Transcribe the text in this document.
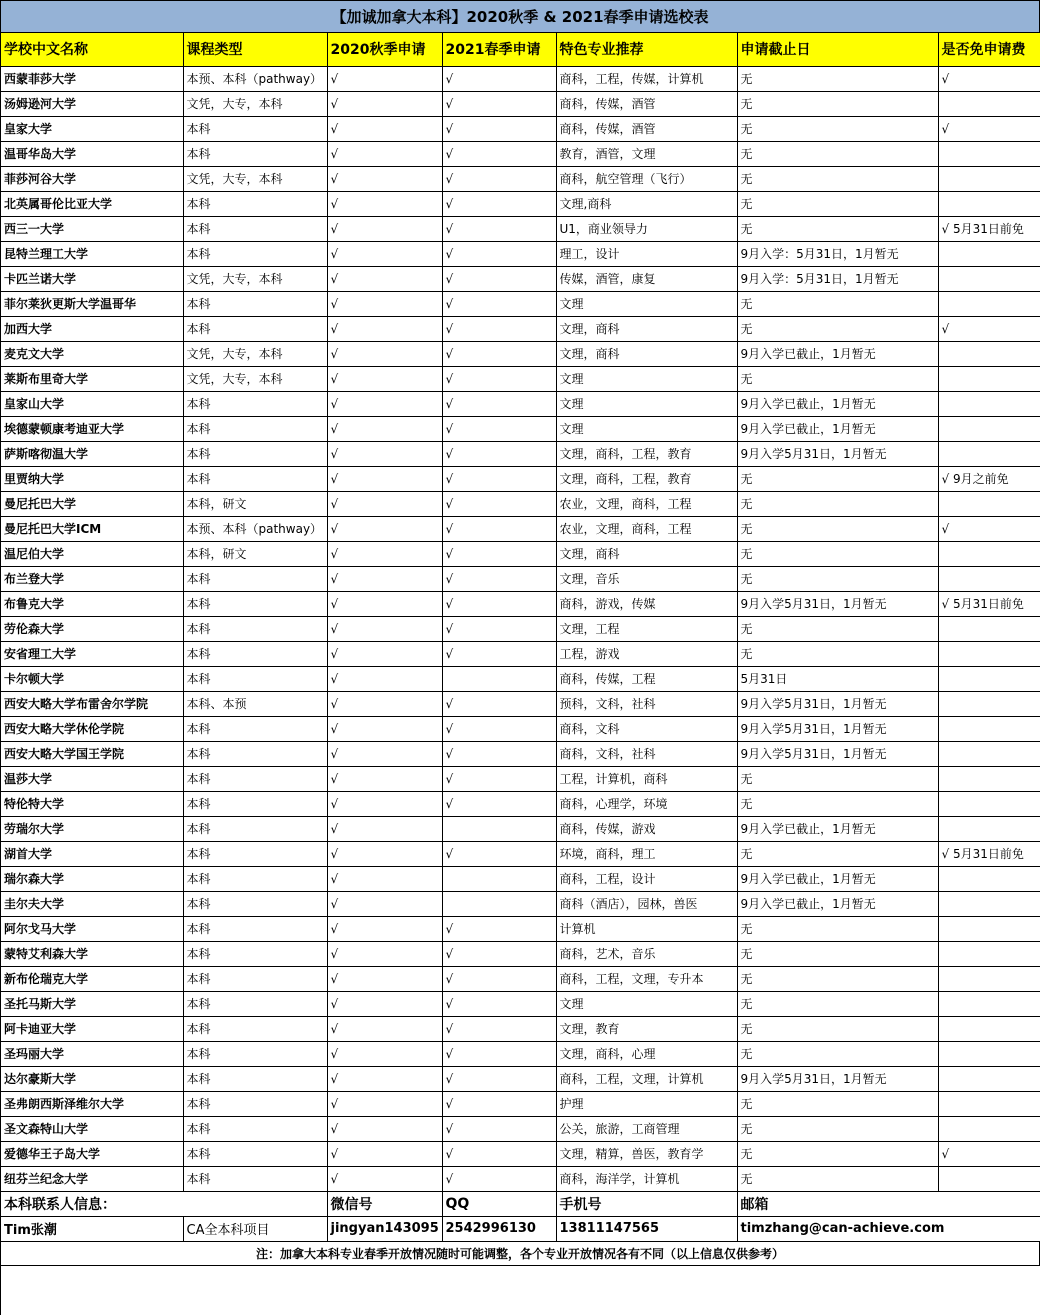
【加诚加拿大本科】2020秋季 & 2021春季申请选校表
学校中文名称	课程类型	2020秋季申请	2021春季申请	特色专业推荐	申请截止日	是否免申请费
西蒙菲莎大学	本预、本科（pathway）	√	√	商科，工程，传媒，计算机	无	√
汤姆逊河大学	文凭，大专，本科	√	√	商科，传媒，酒管	无	
皇家大学	本科	√	√	商科，传媒，酒管	无	√
温哥华岛大学	本科	√	√	教育，酒管，文理	无	
菲莎河谷大学	文凭，大专，本科	√	√	商科，航空管理（飞行）	无	
北英属哥伦比亚大学	本科	√	√	文理,商科	无	
西三一大学	本科	√	√	U1，商业领导力	无	√ 5月31日前免
昆特兰理工大学	本科	√	√	理工，设计	9月入学：5月31日，1月暂无	
卡匹兰诺大学	文凭，大专，本科	√	√	传媒，酒管，康复	9月入学：5月31日，1月暂无	
菲尔莱狄更斯大学温哥华	本科	√	√	文理	无	
加西大学	本科	√	√	文理，商科	无	√
麦克文大学	文凭，大专，本科	√	√	文理，商科	9月入学已截止，1月暂无	
莱斯布里奇大学	文凭，大专，本科	√	√	文理	无	
皇家山大学	本科	√	√	文理	9月入学已截止，1月暂无	
埃德蒙顿康考迪亚大学	本科	√	√	文理	9月入学已截止，1月暂无	
萨斯喀彻温大学	本科	√	√	文理，商科，工程，教育	9月入学5月31日，1月暂无	
里贾纳大学	本科	√	√	文理，商科，工程，教育	无	√ 9月之前免
曼尼托巴大学	本科，研文	√	√	农业，文理，商科，工程	无	
曼尼托巴大学ICM	本预、本科（pathway）	√	√	农业，文理，商科，工程	无	√
温尼伯大学	本科，研文	√	√	文理，商科	无	
布兰登大学	本科	√	√	文理，音乐	无	
布鲁克大学	本科	√	√	商科，游戏，传媒	9月入学5月31日，1月暂无	√ 5月31日前免
劳伦森大学	本科	√	√	文理，工程	无	
安省理工大学	本科	√	√	工程，游戏	无	
卡尔顿大学	本科	√		商科，传媒，工程	5月31日	
西安大略大学布雷舍尔学院	本科、本预	√	√	预科，文科，社科	9月入学5月31日，1月暂无	
西安大略大学休伦学院	本科	√	√	商科，文科	9月入学5月31日，1月暂无	
西安大略大学国王学院	本科	√	√	商科，文科，社科	9月入学5月31日，1月暂无	
温莎大学	本科	√	√	工程，计算机，商科	无	
特伦特大学	本科	√	√	商科，心理学，环境	无	
劳瑞尔大学	本科	√		商科，传媒，游戏	9月入学已截止，1月暂无	
湖首大学	本科	√	√	环境，商科，理工	无	√ 5月31日前免
瑞尔森大学	本科	√		商科，工程，设计	9月入学已截止，1月暂无	
圭尔夫大学	本科	√		商科（酒店），园林，兽医	9月入学已截止，1月暂无	
阿尔戈马大学	本科	√	√	计算机	无	
蒙特艾利森大学	本科	√	√	商科，艺术，音乐	无	
新布伦瑞克大学	本科	√	√	商科，工程，文理，专升本	无	
圣托马斯大学	本科	√	√	文理	无	
阿卡迪亚大学	本科	√	√	文理，教育	无	
圣玛丽大学	本科	√	√	文理，商科，心理	无	
达尔豪斯大学	本科	√	√	商科，工程，文理，计算机	9月入学5月31日，1月暂无	
圣弗朗西斯泽维尔大学	本科	√	√	护理	无	
圣文森特山大学	本科	√	√	公关，旅游，工商管理	无	
爱德华王子岛大学	本科	√	√	文理，精算，兽医，教育学	无	√
纽芬兰纪念大学	本科	√	√	商科，海洋学，计算机	无	
本科联系人信息：		微信号	QQ	手机号	邮箱	
Tim张潮	CA全本科项目	jingyan143095	2542996130	13811147565	timzhang@can-achieve.com	
注：加拿大本科专业春季开放情况随时可能调整，各个专业开放情况各有不同（以上信息仅供参考）
